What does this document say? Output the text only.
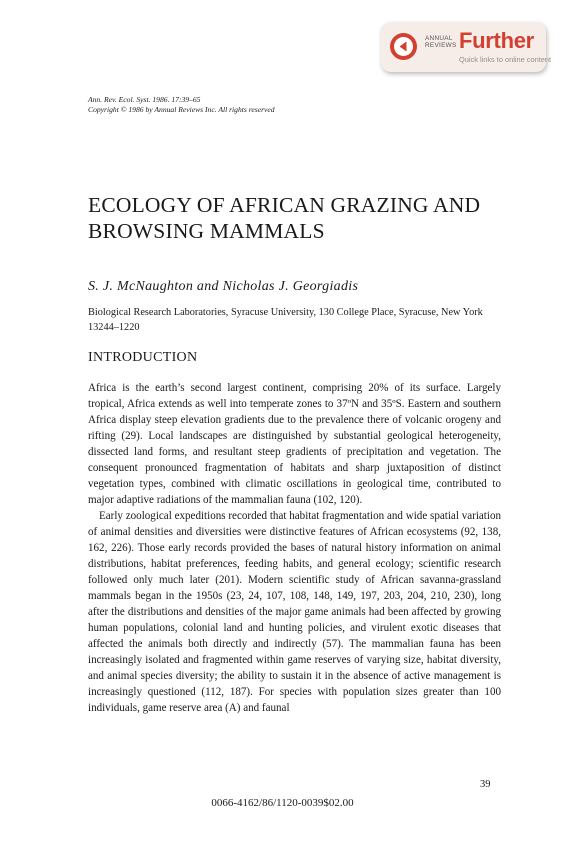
ANNUAL
REVIEWS Further
Quick links to online content
Ann. Rev. Ecol. Syst. 1986. 17:39–65
Copyright © 1986 by Annual Reviews Inc. All rights reserved
ECOLOGY OF AFRICAN GRAZING AND BROWSING MAMMALS
S. J. McNaughton and Nicholas J. Georgiadis
Biological Research Laboratories, Syracuse University, 130 College Place, Syracuse, New York 13244–1220
INTRODUCTION

Africa is the earth’s second largest continent, comprising 20% of its surface. Largely tropical, Africa extends as well into temperate zones to 37ºN and 35ºS. Eastern and southern Africa display steep elevation gradients due to the prevalence there of volcanic orogeny and rifting (29). Local landscapes are distinguished by substantial geological heterogeneity, dissected land forms, and resultant steep gradients of precipitation and vegetation. The consequent pronounced fragmentation of habitats and sharp juxtaposition of distinct vegetation types, combined with climatic oscillations in geological time, contributed to major adaptive radiations of the mammalian fauna (102, 120).

Early zoological expeditions recorded that habitat fragmentation and wide spatial variation of animal densities and diversities were distinctive features of African ecosystems (92, 138, 162, 226). Those early records provided the bases of natural history information on animal distributions, habitat preferences, feeding habits, and general ecology; scientific research followed only much later (201). Modern scientific study of African savanna-grassland mammals began in the 1950s (23, 24, 107, 108, 148, 149, 197, 203, 204, 210, 230), long after the distributions and densities of the major game animals had been affected by growing human populations, colonial land and hunting policies, and virulent exotic diseases that affected the animals both directly and indirectly (57). The mammalian fauna has been increasingly isolated and fragmented within game reserves of varying size, habitat diversity, and animal species diversity; the ability to sustain it in the absence of active management is increasingly questioned (112, 187). For species with population sizes greater than 100 individuals, game reserve area (A) and faunal

39
0066-4162/86/1120-0039$02.00
